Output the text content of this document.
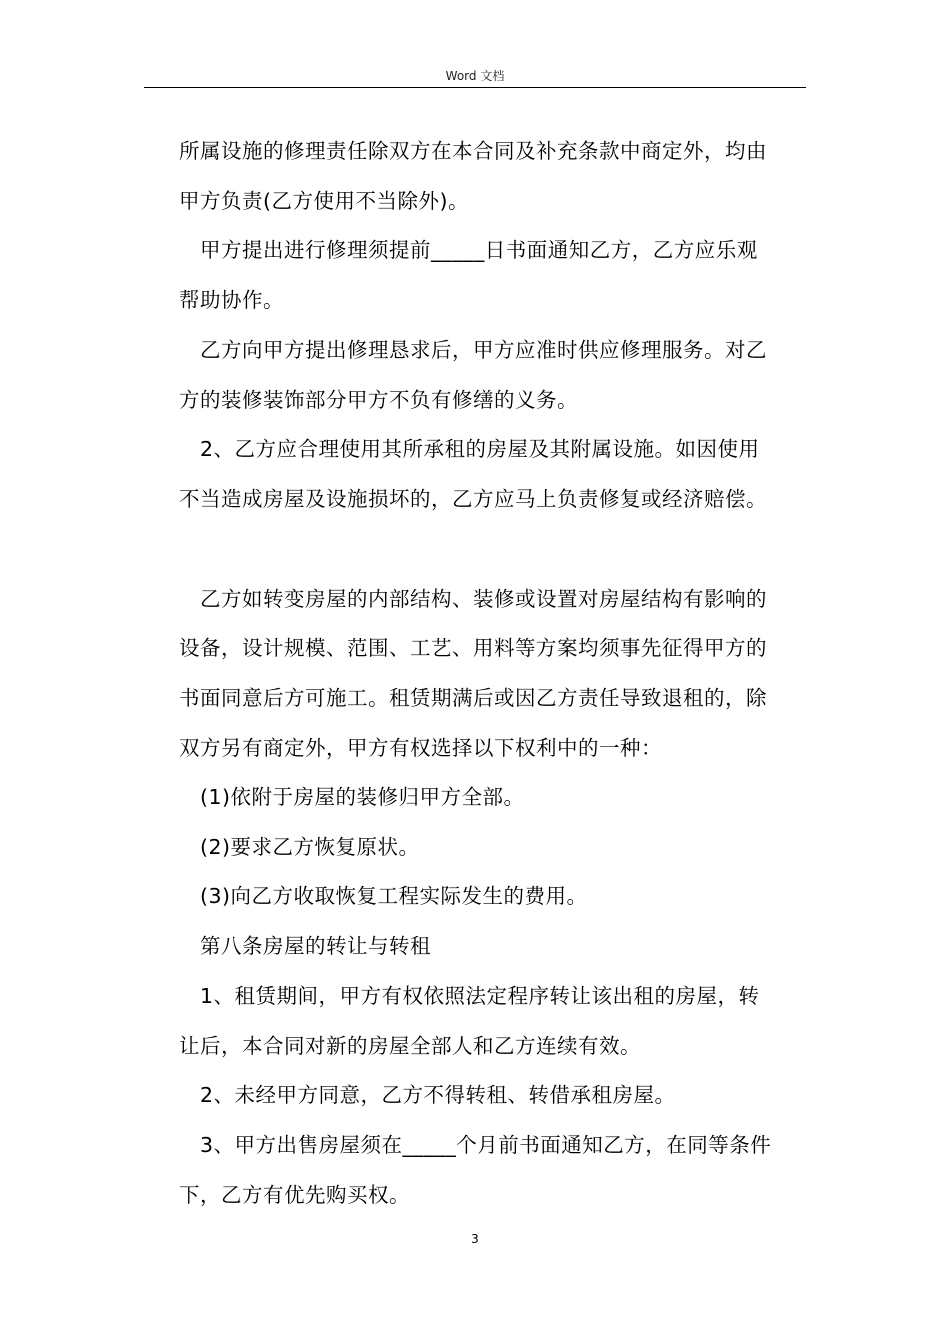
Word 文档
所属设施的修理责任除双方在本合同及补充条款中商定外，均由
甲方负责(乙方使用不当除外)。
甲方提出进行修理须提前_____日书面通知乙方，乙方应乐观
帮助协作。
乙方向甲方提出修理恳求后，甲方应准时供应修理服务。对乙
方的装修装饰部分甲方不负有修缮的义务。
2、乙方应合理使用其所承租的房屋及其附属设施。如因使用
不当造成房屋及设施损坏的，乙方应马上负责修复或经济赔偿。
乙方如转变房屋的内部结构、装修或设置对房屋结构有影响的
设备，设计规模、范围、工艺、用料等方案均须事先征得甲方的
书面同意后方可施工。租赁期满后或因乙方责任导致退租的，除
双方另有商定外，甲方有权选择以下权利中的一种：
(1)依附于房屋的装修归甲方全部。
(2)要求乙方恢复原状。
(3)向乙方收取恢复工程实际发生的费用。
第八条房屋的转让与转租
1、租赁期间，甲方有权依照法定程序转让该出租的房屋，转
让后，本合同对新的房屋全部人和乙方连续有效。
2、未经甲方同意，乙方不得转租、转借承租房屋。
3、甲方出售房屋须在_____个月前书面通知乙方，在同等条件
下，乙方有优先购买权。
3
